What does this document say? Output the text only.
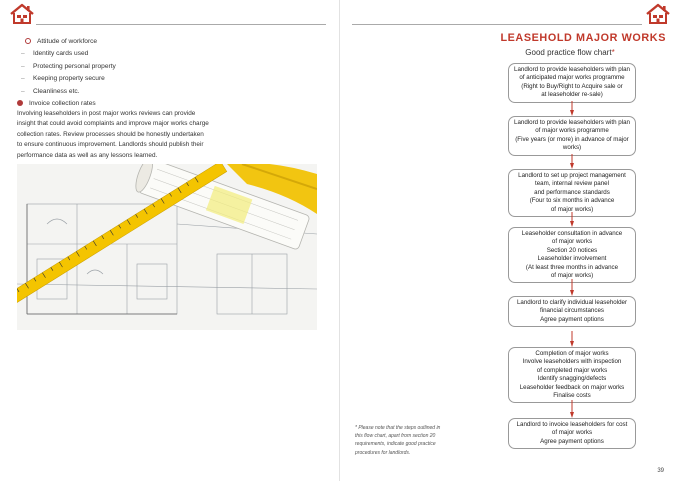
Attitude of workforce
– Identity cards used
– Protecting personal property
– Keeping property secure
– Cleanliness etc.
Invoice collection rates
Involving leaseholders in post major works reviews can provide
insight that could avoid complaints and improve major works charge
collection rates. Review processes should be honestly undertaken
to ensure continuous improvement. Landlords should publish their
performance data as well as any lessons learned.
LEASEHOLD MAJOR WORKS
Good practice flow chart*
Landlord to provide leaseholders with plan
of anticipated major works programme
(Right to Buy/Right to Acquire sale or
at leaseholder re-sale)
Landlord to provide leaseholders with plan
of major works programme
(Five years (or more) in advance of major
works)
Landlord to set up project management
team, internal review panel
and performance standards
(Four to six months in advance
of major works)
Leaseholder consultation in advance
of major works
Section 20 notices
Leaseholder involvement
(At least three months in advance
of major works)
Landlord to clarify individual leaseholder
financial circumstances
Agree payment options
Completion of major works
Involve leaseholders with inspection
of completed major works
Identify snagging/defects
Leaseholder feedback on major works
Finalise costs
Landlord to invoice leaseholders for cost
of major works
Agree payment options
* Please note that the steps outlined in
this flow chart, apart from section 20
requirements, indicate good practice
procedures for landlords.
39
